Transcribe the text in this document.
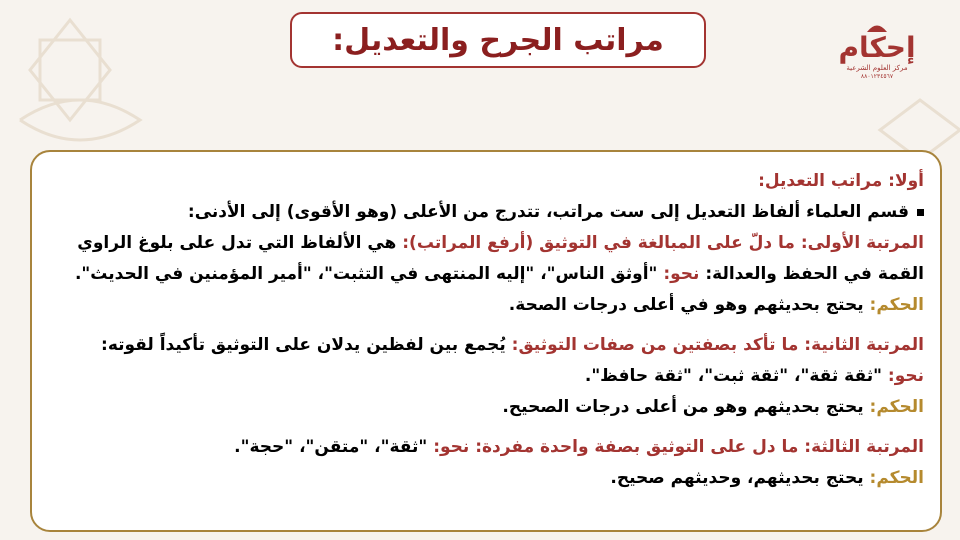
مراتب الجرح والتعديل:	إحكام
مركز العلوم الشرعية
٨٨٠١٢٣٤٥٦٧
أولا: مراتب التعديل:
قسم العلماء ألفاظ التعديل إلى ست مراتب، تتدرج من الأعلى (وهو الأقوى) إلى الأدنى:
المرتبة الأولى: ما دلّ على المبالغة في التوثيق (أرفع المراتب): هي الألفاظ التي تدل على بلوغ الراوي
القمة في الحفظ والعدالة: نحو: "أوثق الناس"، "إليه المنتهى في التثبت"، "أمير المؤمنين في الحديث".
الحكم: يحتج بحديثهم وهو في أعلى درجات الصحة.
المرتبة الثانية: ما تأكد بصفتين من صفات التوثيق: يُجمع بين لفظين يدلان على التوثيق تأكيداً لقوته:
نحو: "ثقة ثقة"، "ثقة ثبت"، "ثقة حافظ".
الحكم: يحتج بحديثهم وهو من أعلى درجات الصحيح.
المرتبة الثالثة: ما دل على التوثيق بصفة واحدة مفردة: نحو: "ثقة"، "متقن"، "حجة".
الحكم: يحتج بحديثهم، وحديثهم صحيح.
